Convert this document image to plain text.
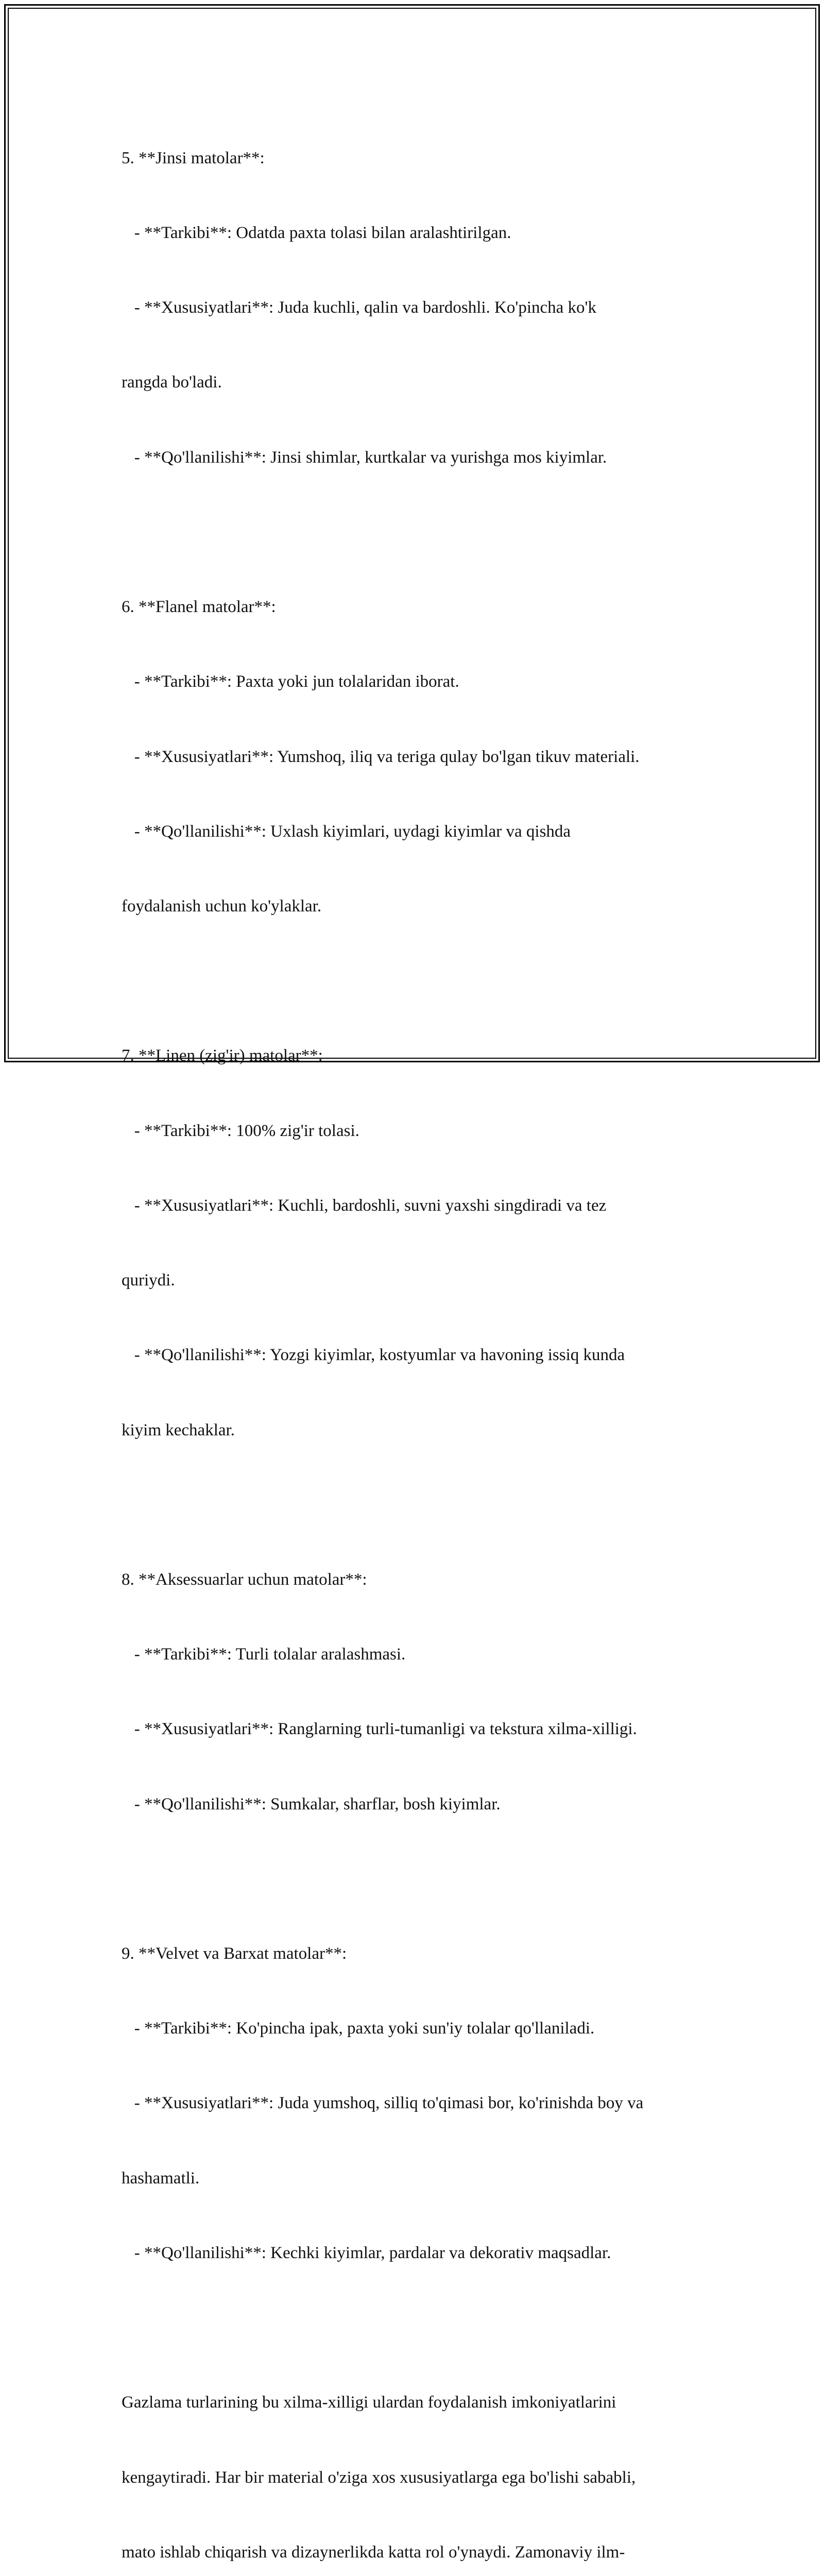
5. **Jinsi matolar**:

- **Tarkibi**: Odatda paxta tolasi bilan aralashtirilgan.

- **Xususiyatlari**: Juda kuchli, qalin va bardoshli. Ko'pincha ko'k

rangda bo'ladi.

- **Qo'llanilishi**: Jinsi shimlar, kurtkalar va yurishga mos kiyimlar.

6. **Flanel matolar**:

- **Tarkibi**: Paxta yoki jun tolalaridan iborat.

- **Xususiyatlari**: Yumshoq, iliq va teriga qulay bo'lgan tikuv materiali.

- **Qo'llanilishi**: Uxlash kiyimlari, uydagi kiyimlar va qishda

foydalanish uchun ko'ylaklar.

7. **Linen (zig'ir) matolar**:

- **Tarkibi**: 100% zig'ir tolasi.

- **Xususiyatlari**: Kuchli, bardoshli, suvni yaxshi singdiradi va tez

quriydi.

- **Qo'llanilishi**: Yozgi kiyimlar, kostyumlar va havoning issiq kunda

kiyim kechaklar.

8. **Aksessuarlar uchun matolar**:

- **Tarkibi**: Turli tolalar aralashmasi.

- **Xususiyatlari**: Ranglarning turli-tumanligi va tekstura xilma-xilligi.

- **Qo'llanilishi**: Sumkalar, sharflar, bosh kiyimlar.

9. **Velvet va Barxat matolar**:

- **Tarkibi**: Ko'pincha ipak, paxta yoki sun'iy tolalar qo'llaniladi.

- **Xususiyatlari**: Juda yumshoq, silliq to'qimasi bor, ko'rinishda boy va

hashamatli.

- **Qo'llanilishi**: Kechki kiyimlar, pardalar va dekorativ maqsadlar.

Gazlama turlarining bu xilma-xilligi ulardan foydalanish imkoniyatlarini

kengaytiradi. Har bir material o'ziga xos xususiyatlarga ega bo'lishi sababli,

mato ishlab chiqarish va dizaynerlikda katta rol o'ynaydi. Zamonaviy ilm-
